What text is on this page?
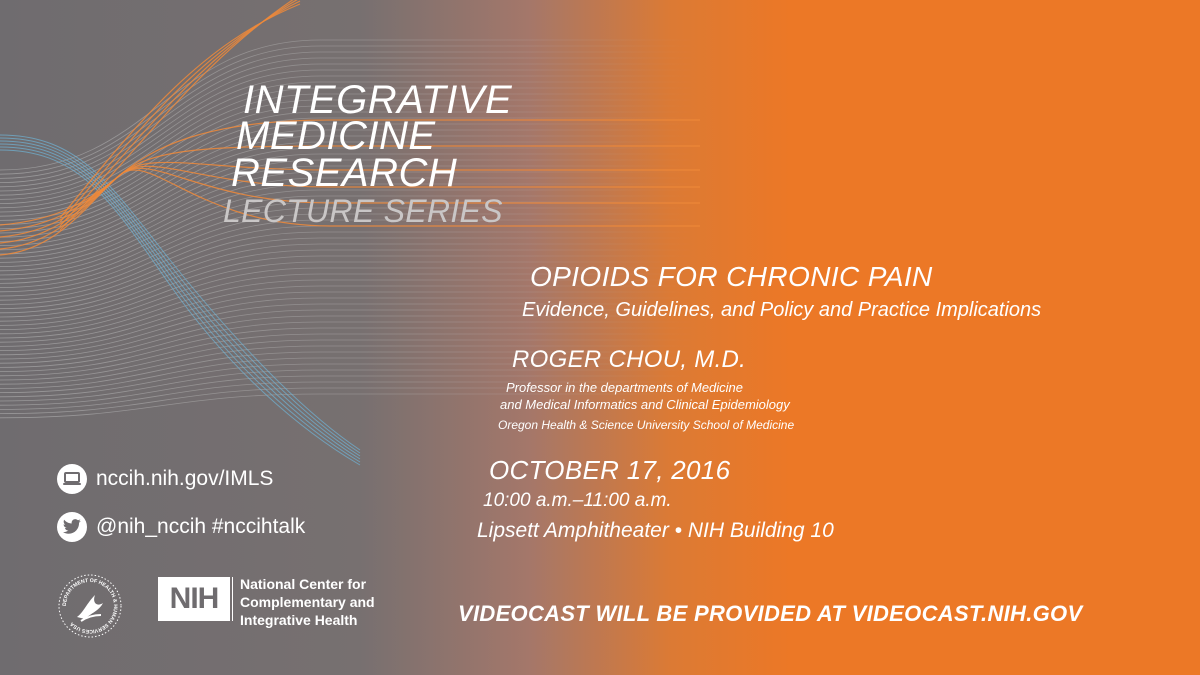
INTEGRATIVE

MEDICINE

RESEARCH

LECTURE SERIES

OPIOIDS FOR CHRONIC PAIN

Evidence, Guidelines, and Policy and Practice Implications

ROGER CHOU, M.D.

Professor in the departments of Medicine

and Medical Informatics and Clinical Epidemiology

Oregon Health & Science University School of Medicine

OCTOBER 17, 2016

10:00 a.m.–11:00 a.m.

Lipsett Amphitheater • NIH Building 10

nccih.nih.gov/IMLS
@nih_nccih #nccihtalk
DEPARTMENT OF HEALTH & HUMAN SERVICES USA
NIH National Center for

Complementary and

Integrative Health	VIDEOCAST WILL BE PROVIDED AT VIDEOCAST.NIH.GOV
